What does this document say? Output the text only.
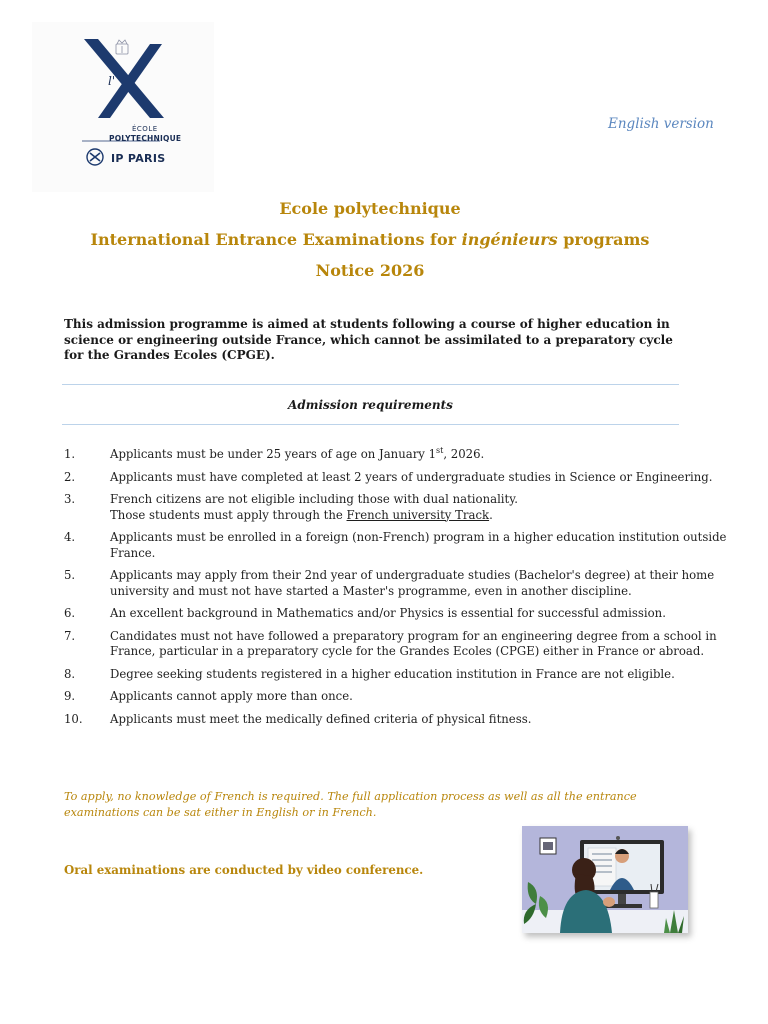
l'
ÉCOLE
POLYTECHNIQUE
IP PARIS
English version
Ecole polytechnique
International Entrance Examinations for ingénieurs programs
Notice 2026
This admission programme is aimed at students following a course of higher education in science or engineering outside France, which cannot be assimilated to a preparatory cycle for the Grandes Ecoles (CPGE).
Admission requirements
1.	Applicants must be under 25 years of age on January 1st, 2026.
2.	Applicants must have completed at least 2 years of undergraduate studies in Science or Engineering.
3.	French citizens are not eligible including those with dual nationality.
Those students must apply through the French university Track.
4.	Applicants must be enrolled in a foreign (non-French) program in a higher education institution outside France.
5.	Applicants may apply from their 2nd year of undergraduate studies (Bachelor's degree) at their home university and must not have started a Master's programme, even in another discipline.
6.	An excellent background in Mathematics and/or Physics is essential for successful admission.
7.	Candidates must not have followed a preparatory program for an engineering degree from a school in France, particular in a preparatory cycle for the Grandes Ecoles (CPGE) either in France or abroad.
8.	Degree seeking students registered in a higher education institution in France are not eligible.
9.	Applicants cannot apply more than once.
10. Applicants must meet the medically defined criteria of physical fitness.
To apply, no knowledge of French is required. The full application process as well as all the entrance examinations can be sat either in English or in French.
Oral examinations are conducted by video conference.
